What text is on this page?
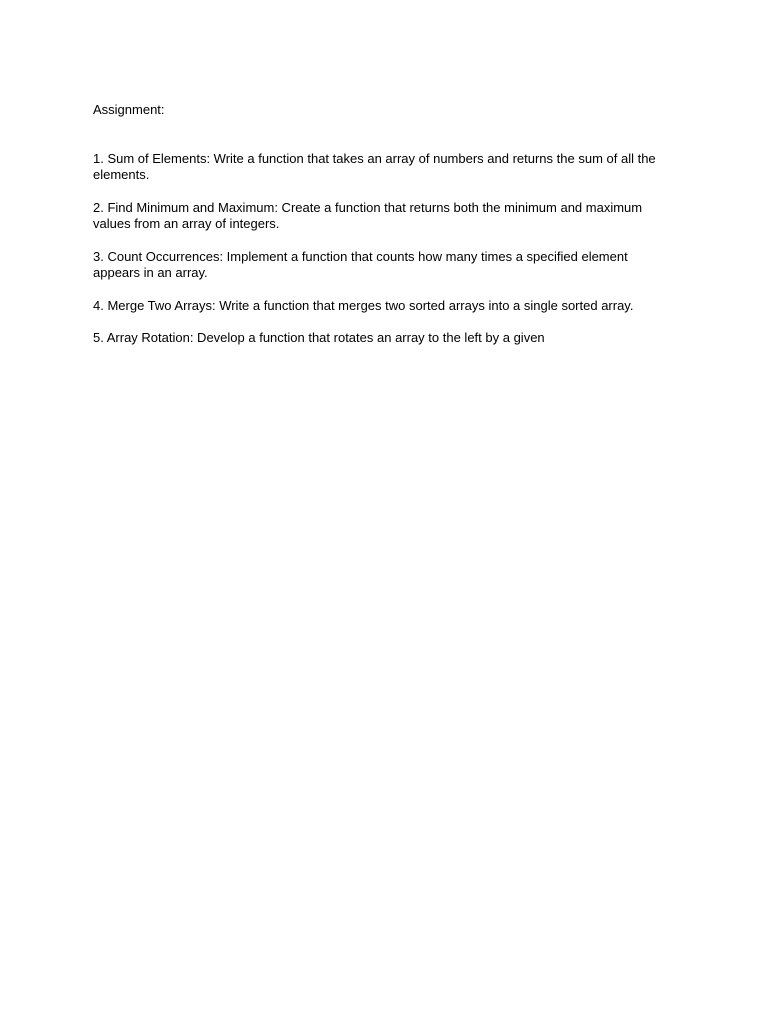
Assignment:

1. Sum of Elements: Write a function that takes an array of numbers and returns the sum of all the elements.
2. Find Minimum and Maximum: Create a function that returns both the minimum and maximum values from an array of integers.
3. Count Occurrences: Implement a function that counts how many times a specified element appears in an array.
4. Merge Two Arrays: Write a function that merges two sorted arrays into a single sorted array.
5. Array Rotation: Develop a function that rotates an array to the left by a given
